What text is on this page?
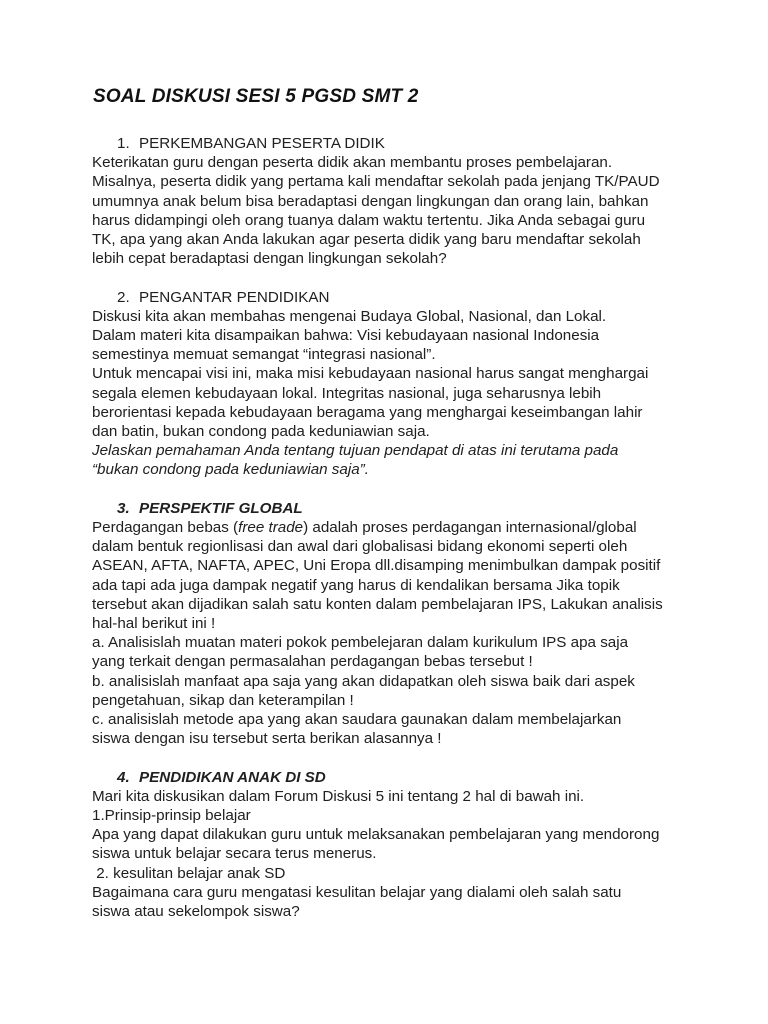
SOAL DISKUSI SESI 5 PGSD SMT 2

1. PERKEMBANGAN PESERTA DIDIK

Keterikatan guru dengan peserta didik akan membantu proses pembelajaran.

Misalnya, peserta didik yang pertama kali mendaftar sekolah pada jenjang TK/PAUD

umumnya anak belum bisa beradaptasi dengan lingkungan dan orang lain, bahkan

harus didampingi oleh orang tuanya dalam waktu tertentu. Jika Anda sebagai guru

TK, apa yang akan Anda lakukan agar peserta didik yang baru mendaftar sekolah

lebih cepat beradaptasi dengan lingkungan sekolah?

2. PENGANTAR PENDIDIKAN

Diskusi kita akan membahas mengenai Budaya Global, Nasional, dan Lokal.

Dalam materi kita disampaikan bahwa: Visi kebudayaan nasional Indonesia

semestinya memuat semangat “integrasi nasional”.

Untuk mencapai visi ini, maka misi kebudayaan nasional harus sangat menghargai

segala elemen kebudayaan lokal. Integritas nasional, juga seharusnya lebih

berorientasi kepada kebudayaan beragama yang menghargai keseimbangan lahir

dan batin, bukan condong pada keduniawian saja.

Jelaskan pemahaman Anda tentang tujuan pendapat di atas ini terutama pada

“bukan condong pada keduniawian saja”.

3. PERSPEKTIF GLOBAL

Perdagangan bebas (free trade) adalah proses perdagangan internasional/global

dalam bentuk regionlisasi dan awal dari globalisasi bidang ekonomi seperti oleh

ASEAN, AFTA, NAFTA, APEC, Uni Eropa dll.disamping menimbulkan dampak positif

ada tapi ada juga dampak negatif yang harus di kendalikan bersama Jika topik

tersebut akan dijadikan salah satu konten dalam pembelajaran IPS, Lakukan analisis

hal-hal berikut ini !

a. Analisislah muatan materi pokok pembelejaran dalam kurikulum IPS apa saja

yang terkait dengan permasalahan perdagangan bebas tersebut !

b. analisislah manfaat apa saja yang akan didapatkan oleh siswa baik dari aspek

pengetahuan, sikap dan keterampilan !

c. analisislah metode apa yang akan saudara gaunakan dalam membelajarkan

siswa dengan isu tersebut serta berikan alasannya !

4. PENDIDIKAN ANAK DI SD

Mari kita diskusikan dalam Forum Diskusi 5 ini tentang 2 hal di bawah ini.

1.Prinsip-prinsip belajar

Apa yang dapat dilakukan guru untuk melaksanakan pembelajaran yang mendorong

siswa untuk belajar secara terus menerus.

2. kesulitan belajar anak SD

Bagaimana cara guru mengatasi kesulitan belajar yang dialami oleh salah satu

siswa atau sekelompok siswa?
